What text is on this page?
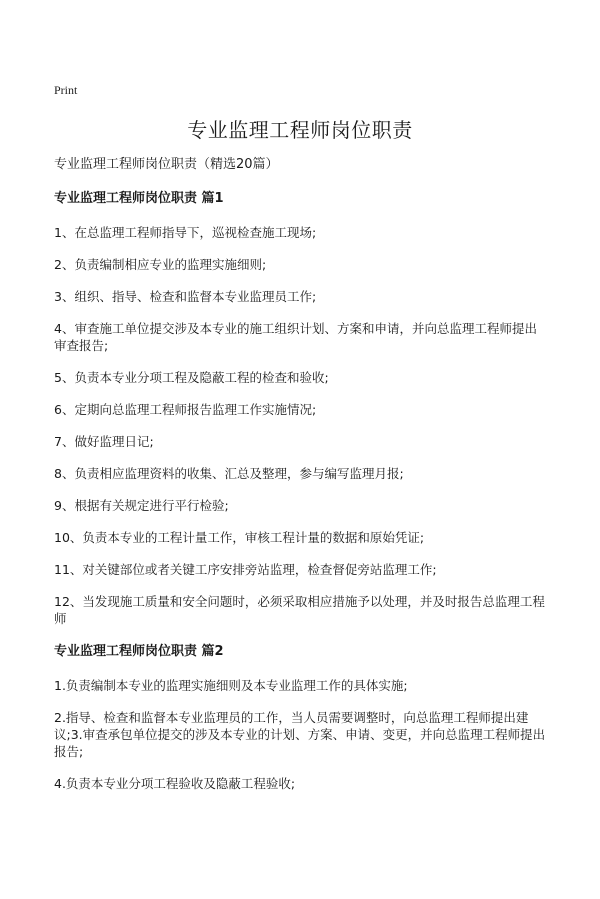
Print

专业监理工程师岗位职责

专业监理工程师岗位职责（精选20篇）

专业监理工程师岗位职责 篇1
1、在总监理工程师指导下，巡视检查施工现场;
2、负责编制相应专业的监理实施细则;
3、组织、指导、检查和监督本专业监理员工作;
4、审查施工单位提交涉及本专业的施工组织计划、方案和申请，并向总监理工程师提出审查报告;
5、负责本专业分项工程及隐蔽工程的检查和验收;
6、定期向总监理工程师报告监理工作实施情况;
7、做好监理日记;
8、负责相应监理资料的收集、汇总及整理，参与编写监理月报;
9、根据有关规定进行平行检验;
10、负责本专业的工程计量工作，审核工程计量的数据和原始凭证;
11、对关键部位或者关键工序安排旁站监理，检查督促旁站监理工作;
12、当发现施工质量和安全问题时，必须采取相应措施予以处理，并及时报告总监理工程师
专业监理工程师岗位职责 篇2
1.负责编制本专业的监理实施细则及本专业监理工作的具体实施;
2.指导、检查和监督本专业监理员的工作，当人员需要调整时，向总监理工程师提出建议;3.审查承包单位提交的涉及本专业的计划、方案、申请、变更，并向总监理工程师提出报告;
4.负责本专业分项工程验收及隐蔽工程验收;
